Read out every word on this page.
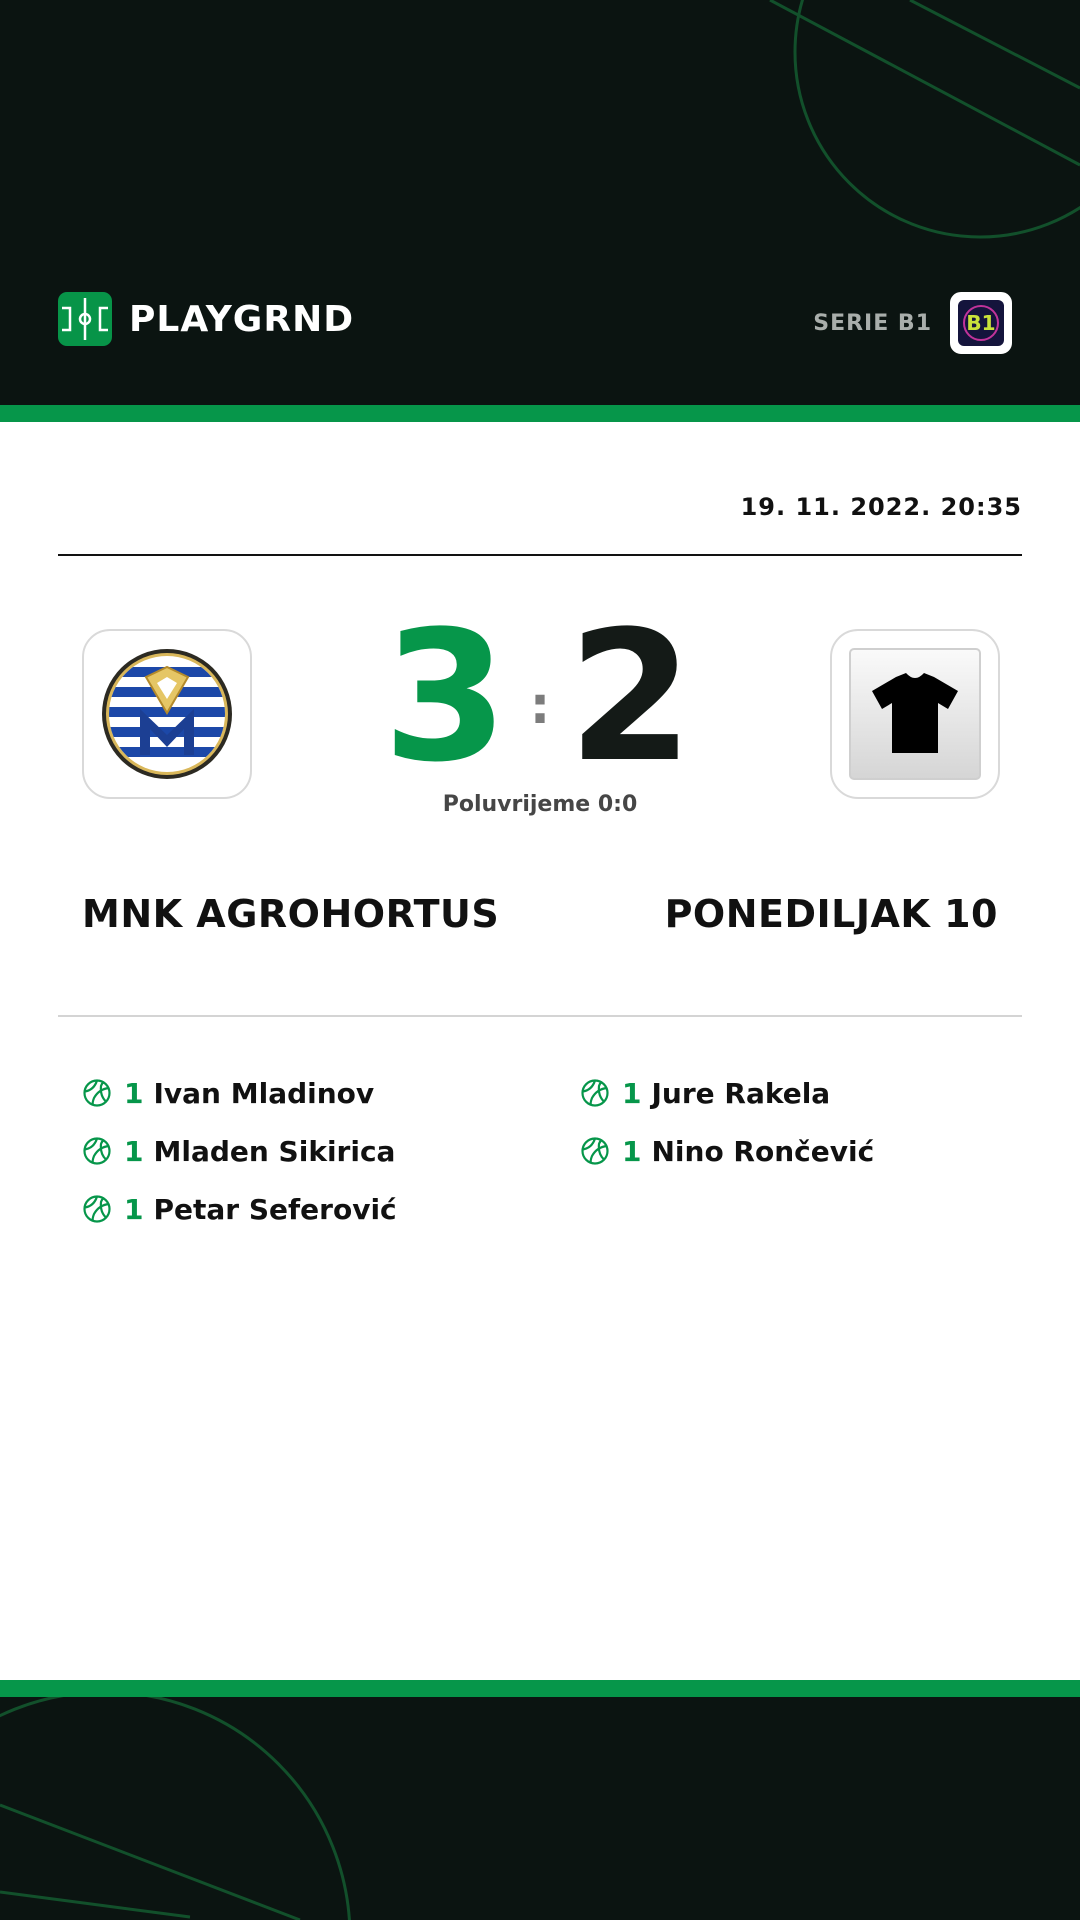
PLAYGRND	SERIE B1 B1
19. 11. 2022. 20:35
3 : 2
Poluvrijeme 0:0
MNK AGROHORTUS	PONEDILJAK 10
1 Ivan Mladinov
1 Mladen Sikirica
1 Petar Seferović
1 Jure Rakela
1 Nino Rončević
